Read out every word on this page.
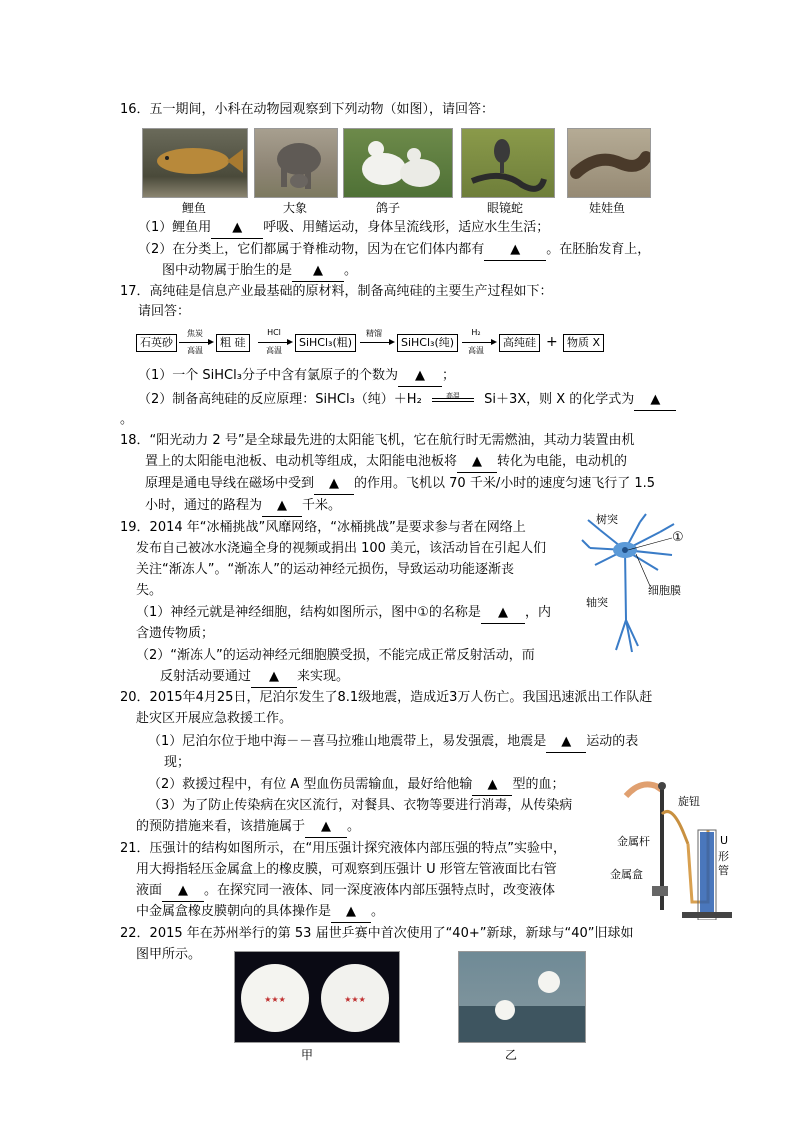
16．五一期间，小科在动物园观察到下列动物（如图），请回答：
鲤鱼	大象	鸽子	眼镜蛇	娃娃鱼
（1）鲤鱼用 ▲ 呼吸、用鳍运动，身体呈流线形，适应水生生活；
（2）在分类上，它们都属于脊椎动物，因为在它们体内都有 ▲ 。在胚胎发育上，
图中动物属于胎生的是 ▲ 。
17．高纯硅是信息产业最基础的原材料，制备高纯硅的主要生产过程如下：
请回答：
石英砂
焦炭
高温
粗 硅
HCl
高温
SiHCl₃(粗)
精馏
SiHCl₃(纯)
H₂
高温
高纯硅 + 物质 X
（1）一个 SiHCl₃分子中含有氯原子的个数为 ▲ ；
（2）制备高纯硅的反应原理：SiHCl₃（纯）＋H₂	高温	Si＋3X，则 X 的化学式为 ▲
。
18．“阳光动力 2 号”是全球最先进的太阳能飞机，它在航行时无需燃油，其动力装置由机
置上的太阳能电池板、电动机等组成，太阳能电池板将 ▲ 转化为电能，电动机的
原理是通电导线在磁场中受到 ▲ 的作用。飞机以 70 千米/小时的速度匀速飞行了 1.5
小时，通过的路程为 ▲ 千米。
19．2014 年“冰桶挑战”风靡网络，“冰桶挑战”是要求参与者在网络上
发布自己被冰水浇遍全身的视频或捐出 100 美元，该活动旨在引起人们
关注“渐冻人”。“渐冻人”的运动神经元损伤，导致运动功能逐渐丧
失。
（1）神经元就是神经细胞，结构如图所示，图中①的名称是 ▲ ，内
含遗传物质；
（2）“渐冻人”的运动神经元细胞膜受损，不能完成正常反射活动，而
反射活动要通过 ▲ 来实现。
树突
①
细胞膜
轴突
20．2015年4月25日，尼泊尔发生了8.1级地震，造成近3万人伤亡。我国迅速派出工作队赶
赴灾区开展应急救援工作。
（1）尼泊尔位于地中海－－喜马拉雅山地震带上，易发强震，地震是 ▲ 运动的表
现；
（2）救援过程中，有位 A 型血伤员需输血，最好给他输 ▲ 型的血；
（3）为了防止传染病在灾区流行，对餐具、衣物等要进行消毒，从传染病
的预防措施来看，该措施属于 ▲ 。
21．压强计的结构如图所示，在“用压强计探究液体内部压强的特点”实验中，
用大拇指轻压金属盒上的橡皮膜，可观察到压强计 U 形管左管液面比右管
液面 ▲ 。在探究同一液体、同一深度液体内部压强特点时，改变液体
中金属盒橡皮膜朝向的具体操作是 ▲ 。
旋钮
金属杆
金属盒
U
形
管
22．2015 年在苏州举行的第 53 届世乒赛中首次使用了“40+”新球，新球与“40”旧球如
图甲所示。
★★★	★★★
甲	乙
